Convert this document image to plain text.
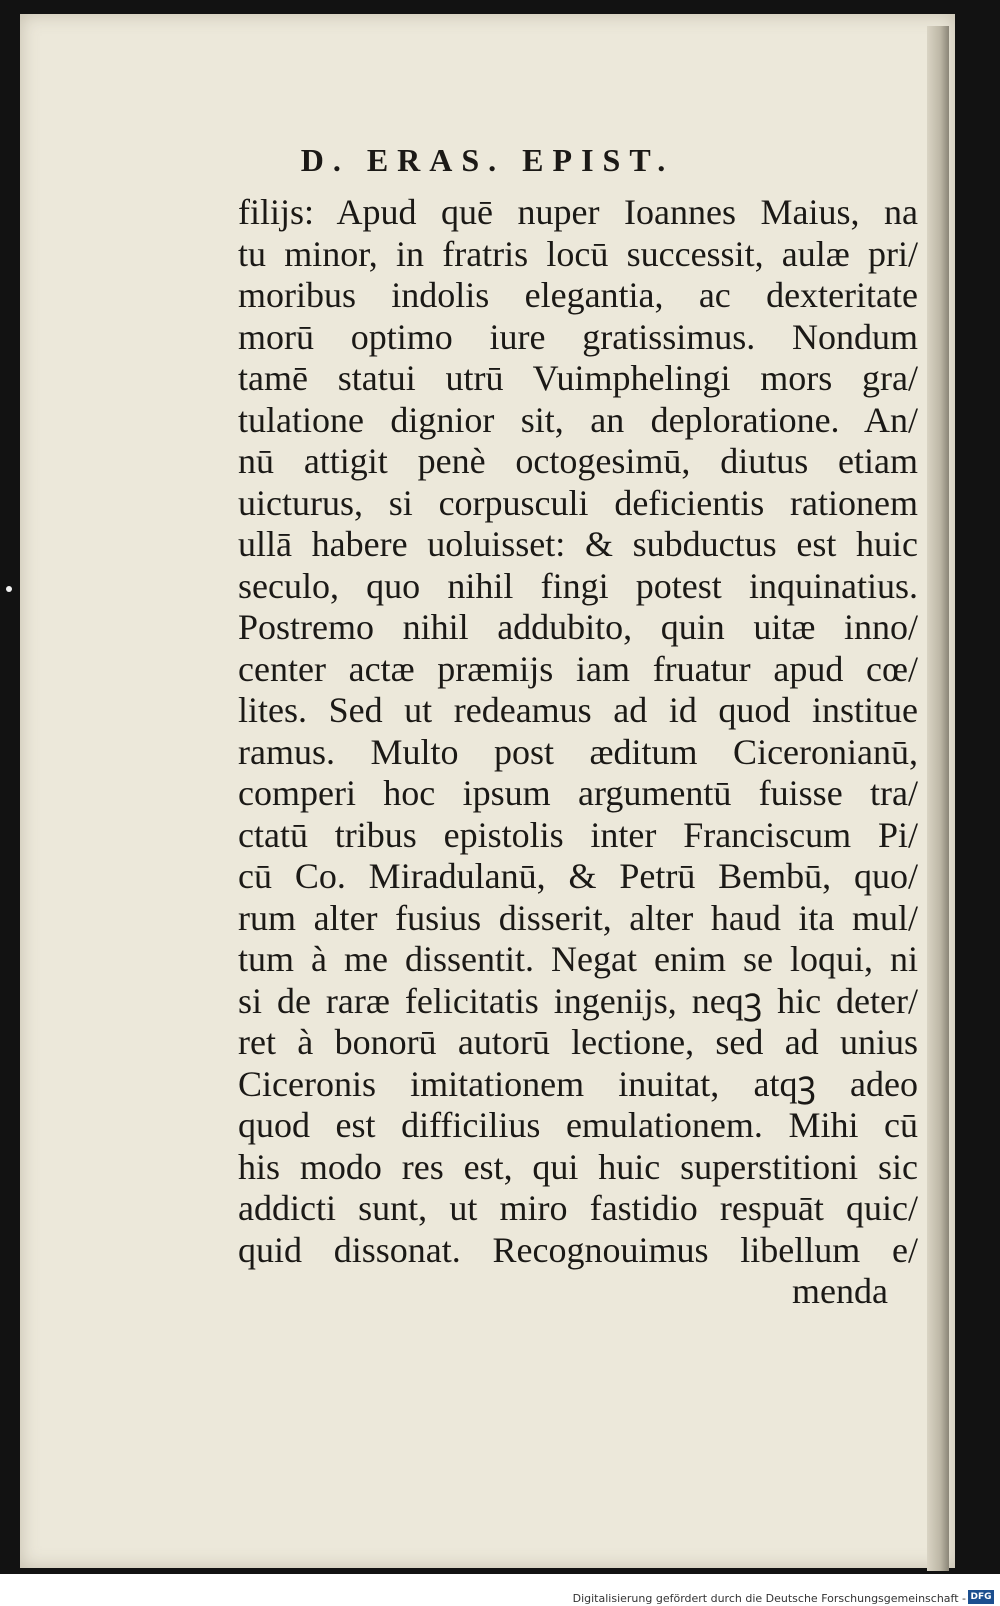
D. ERAS. EPIST.
filijs: Apud quē nuper Ioannes Maius, na
tu minor, in fratris locū successit, aulæ pri/
moribus indolis elegantia, ac dexteritate
morū optimo iure gratissimus. Nondum
tamē statui utrū Vuimphelingi mors gra/
tulatione dignior sit, an deploratione. An/
nū attigit penè octogesimū, diutus etiam
uicturus, si corpusculi deficientis rationem
ullā habere uoluisset: & subductus est huic
seculo, quo nihil fingi potest inquinatius.
Postremo nihil addubito, quin uitæ inno/
center actæ præmijs iam fruatur apud cœ/
lites. Sed ut redeamus ad id quod institue
ramus. Multo post æditum Ciceronianū,
comperi hoc ipsum argumentū fuisse tra/
ctatū tribus epistolis inter Franciscum Pi/
cū Co. Miradulanū, & Petrū Bembū, quo/
rum alter fusius disserit, alter haud ita mul/
tum à me dissentit. Negat enim se loqui, ni
si de raræ felicitatis ingenijs, neqꝫ hic deter/
ret à bonorū autorū lectione, sed ad unius
Ciceronis imitationem inuitat, atqꝫ adeo
quod est difficilius emulationem. Mihi cū
his modo res est, qui huic superstitioni sic
addicti sunt, ut miro fastidio respuāt quic/
quid dissonat. Recognouimus libellum e/
menda
Digitalisierung gefördert durch die Deutsche Forschungsgemeinschaft - DFG
